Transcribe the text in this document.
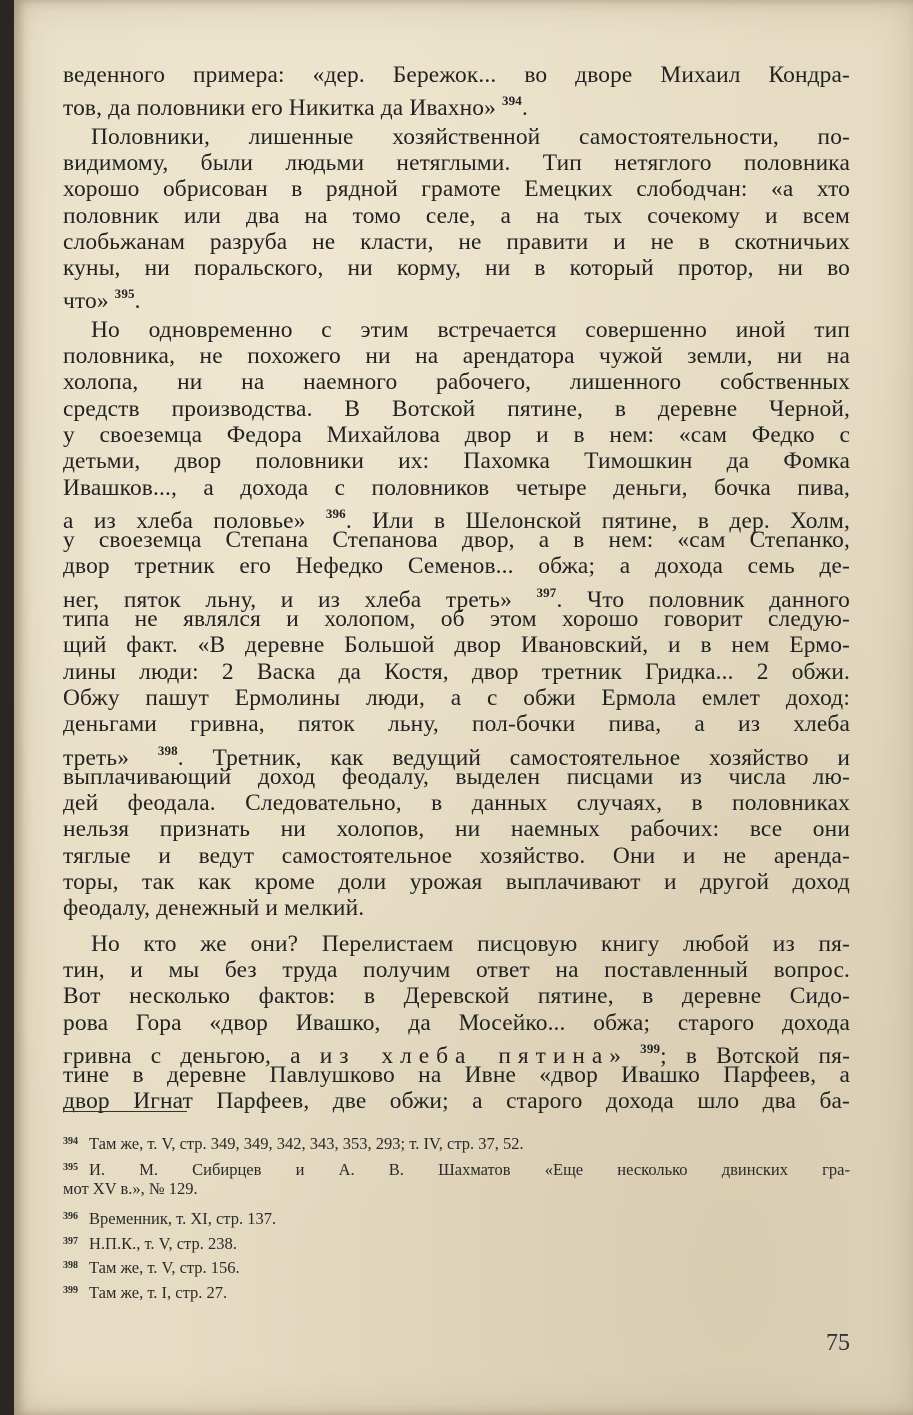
веденного примера: «дер. Бережок... во дворе Михаил Кондра-
тов, да половники его Никитка да Ивахно» $^{394}$.
Половники, лишенные хозяйственной самостоятельности, по-
видимому, были людьми нетяглыми. Тип нетяглого половника
хорошо обрисован в рядной грамоте Емецких слободчан: «а хто
половник или два на томо селе, а на тых сочекому и всем
слобьжанам разруба не класти, не правити и не в скотничьих
куны, ни поральского, ни корму, ни в который протор, ни во
что» $^{395}$.
Но одновременно с этим встречается совершенно иной тип
половника, не похожего ни на арендатора чужой земли, ни на
холопа, ни на наемного рабочего, лишенного собственных
средств производства. В Вотской пятине, в деревне Черной,
у своеземца Федора Михайлова двор и в нем: «сам Федко с
детьми, двор половники их: Пахомка Тимошкин да Фомка
Ивашков..., а дохода с половников четыре деньги, бочка пива,
а из хлеба половье» $^{396}$. Или в Шелонской пятине, в дер. Холм,
у своеземца Степана Степанова двор, а в нем: «сам Степанко,
двор третник его Нефедко Семенов... обжа; а дохода семь де-
нег, пяток льну, и из хлеба треть» $^{397}$. Что половник данного
типа не являлся и холопом, об этом хорошо говорит следую-
щий факт. «В деревне Большой двор Ивановский, и в нем Ермо-
лины люди: 2 Васка да Костя, двор третник Гридка... 2 обжи.
Обжу пашут Ермолины люди, а с обжи Ермола емлет доход:
деньгами гривна, пяток льну, пол-бочки пива, а из хлеба
треть» $^{398}$. Третник, как ведущий самостоятельное хозяйство и
выплачивающий доход феодалу, выделен писцами из числа лю-
дей феодала. Следовательно, в данных случаях, в половниках
нельзя признать ни холопов, ни наемных рабочих: все они
тяглые и ведут самостоятельное хозяйство. Они и не арендa-
торы, так как кроме доли урожая выплачивают и другой доход
феодалу, денежный и мелкий.
Но кто же они? Перелистаем писцовую книгу любой из пя-
тин, и мы без труда получим ответ на поставленный вопрос.
Вот несколько фактов: в Деревской пятине, в деревне Сидо-
рова Гора «двор Ивашко, да Мосейко... обжа; старого дохода
гривна с деньгою, а из хлеба пятина» $^{399}$; в Вотской пя-
тине в деревне Павлушково на Ивне «двор Ивашко Парфеев, а
двор Игнат Парфеев, две обжи; а старого дохода шло два ба-
394 Там же, т. V, стр. 349, 349, 342, 343, 353, 293; т. IV, стр. 37, 52.
395 И. М. Сибирцев и А. В. Шахматов «Еще несколько двинских гра-
мот XV в.», № 129.
396 Временник, т. XI, стр. 137.
397 Н.П.К., т. V, стр. 238.
398 Там же, т. V, стр. 156.
399 Там же, т. I, стр. 27.
75
